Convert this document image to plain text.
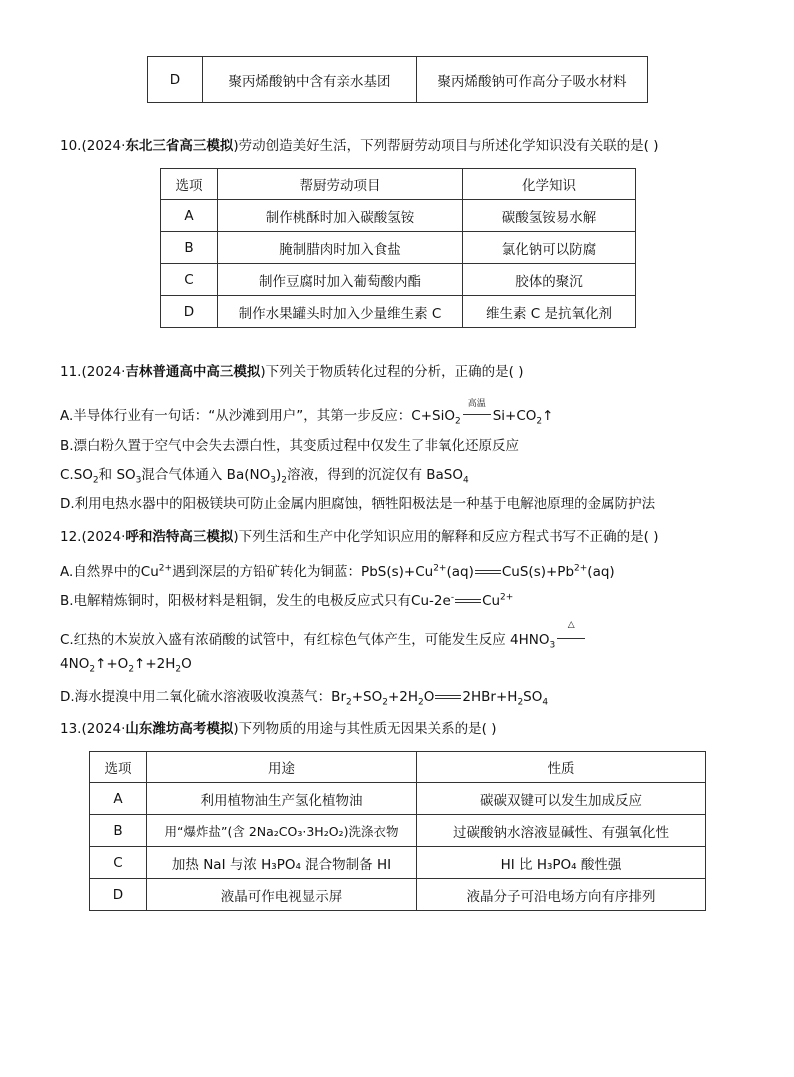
D	聚丙烯酸钠中含有亲水基团	聚丙烯酸钠可作高分子吸水材料
10.(2024·东北三省高三模拟)劳动创造美好生活，下列帮厨劳动项目与所述化学知识没有关联的是( )
选项	帮厨劳动项目	化学知识
A	制作桃酥时加入碳酸氢铵	碳酸氢铵易水解
B	腌制腊肉时加入食盐	氯化钠可以防腐
C	制作豆腐时加入葡萄酸内酯	胶体的聚沉
D	制作水果罐头时加入少量维生素 C	维生素 C 是抗氧化剂
11.(2024·吉林普通高中高三模拟)下列关于物质转化过程的分析，正确的是( )
A.半导体行业有一句话：“从沙滩到用户”，其第一步反应：C+SiO$_2$
高温
$Si+CO_2↑$
B.漂白粉久置于空气中会失去漂白性，其变质过程中仅发生了非氧化还原反应
$C.SO_2$和 $SO_3$混合气体通入 $Ba(NO_3)_2$溶液，得到的沉淀仅有 BaSO$_4$
D.利用电热水器中的阳极镁块可防止金属内胆腐蚀，牺牲阳极法是一种基于电解池原理的金属防护法
12.(2024·呼和浩特高三模拟)下列生活和生产中化学知识应用的解释和反应方程式书写不正确的是( )
A.自然界中的$Cu^{2+}$遇到深层的方铅矿转化为铜蓝：$PbS(s)+Cu^{2+}(aq)$ $CuS(s)+Pb^{2+}(aq)$
B.电解精炼铜时，阳极材料是粗铜，发生的电极反应式只有Cu-2e- $Cu^{2+}$
C.红热的木炭放入盛有浓硝酸的试管中，有红棕色气体产生，可能发生反应 $4HNO_3$
△
$4NO_2↑+O_2↑+2H_2O$
D.海水提溴中用二氧化硫水溶液吸收溴蒸气：$Br_2+SO_2+2H_2O$ $2HBr+H_2SO_4$
13.(2024·山东潍坊高考模拟)下列物质的用途与其性质无因果关系的是( )
选项	用途	性质
A	利用植物油生产氢化植物油	碳碳双键可以发生加成反应
B	用“爆炸盐”(含 2Na₂CO₃·3H₂O₂)洗涤衣物	过碳酸钠水溶液显碱性、有强氧化性
C	加热 NaI 与浓 H₃PO₄ 混合物制备 HI	HI 比 H₃PO₄ 酸性强
D	液晶可作电视显示屏	液晶分子可沿电场方向有序排列
